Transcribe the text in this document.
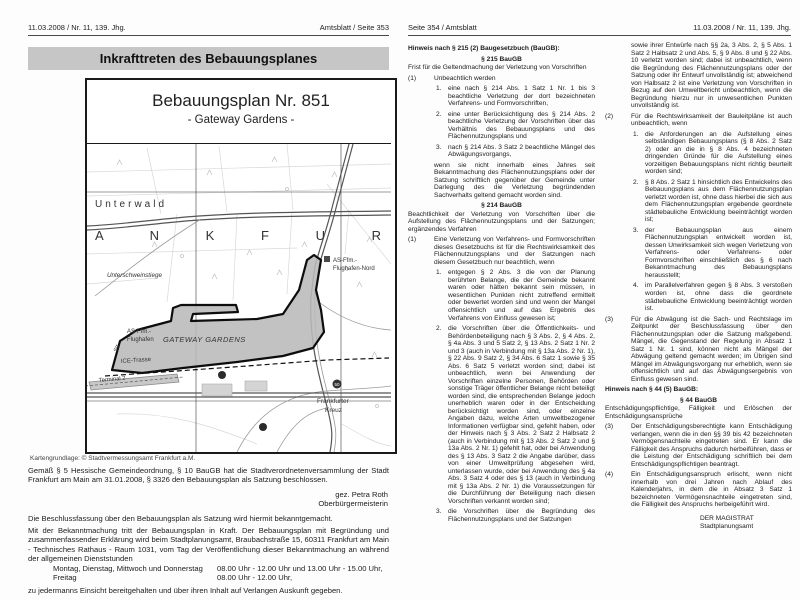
11.03.2008 / Nr. 11, 139. Jhg.	Amtsblatt / Seite 353
Inkrafttreten des Bebauungsplanes
Bebauungsplan Nr. 851
- Gateway Gardens -
50
Unterwald
A N K F U R
Unterschweinstiege
AS-Ffm.-
Flughafen-Nord
AS-Ffm.-
Flughafen GATEWAY GARDENS
ICE-Trasse
Terminal 2
Frankfurter
Kreuz
Str.
Kartengrundlage: © Stadtvermessungsamt Frankfurt a.M.

Gemäß § 5 Hessische Gemeindeordnung, § 10 BauGB hat die Stadtverordnetenversammlung der Stadt Frankfurt am Main am 31.01.2008, § 3326 den Bebauungsplan als Satzung beschlossen.

gez. Petra Roth
Oberbürgermeisterin

Die Beschlussfassung über den Bebauungsplan als Satzung wird hiermit bekanntgemacht.

Mit der Bekanntmachung tritt der Bebauungsplan in Kraft. Der Bebauungsplan mit Begründung und zusammenfassender Erklärung wird beim Stadtplanungsamt, Braubachstraße 15, 60311 Frankfurt am Main - Technisches Rathaus - Raum 1031, vom Tag der Veröffentlichung dieser Bekanntmachung an während der allgemeinen Dienststunden

Montag, Dienstag, Mittwoch und Donnerstag	08.00 Uhr - 12.00 Uhr und 13.00 Uhr - 15.00 Uhr,
Freitag	08.00 Uhr - 12.00 Uhr,

zu jedermanns Einsicht bereitgehalten und über ihren Inhalt auf Verlangen Auskunft gegeben.

Seite 354 / Amtsblatt	11.03.2008 / Nr. 11, 139. Jhg.
Hinweis nach § 215 (2) Baugesetzbuch (BauGB):
§ 215 BauGB
Frist für die Geltendmachung der Verletzung von Vorschriften
(1)	Unbeachtlich werden
1. eine nach § 214 Abs. 1 Satz 1 Nr. 1 bis 3 beachtliche Verletzung der dort bezeichneten Verfahrens- und Formvorschriften,
2. eine unter Berücksichtigung des § 214 Abs. 2 beachtliche Verletzung der Vorschriften über das Verhältnis des Bebauungsplans und des Flächennutzungsplans und
3. nach § 214 Abs. 3 Satz 2 beachtliche Mängel des Abwägungsvorgangs,
wenn sie nicht innerhalb eines Jahres seit Bekanntmachung des Flächennutzungsplans oder der Satzung schriftlich gegenüber der Gemeinde unter Darlegung des die Verletzung begründenden Sachverhalts geltend gemacht worden sind.
§ 214 BauGB
Beachtlichkeit der Verletzung von Vorschriften über die Aufstellung des Flächennutzungsplans und der Satzungen; ergänzendes Verfahren
(1)	Eine Verletzung von Verfahrens- und Formvorschriften dieses Gesetzbuchs ist für die Rechtswirksamkeit des Flächennutzungsplans und der Satzungen nach diesem Gesetzbuch nur beachtlich, wenn
1. entgegen § 2 Abs. 3 die von der Planung berührten Belange, die der Gemeinde bekannt waren oder hätten bekannt sein müssen, in wesentlichen Punkten nicht zutreffend ermittelt oder bewertet worden sind und wenn der Mangel offensichtlich und auf das Ergebnis des Verfahrens von Einfluss gewesen ist;
2. die Vorschriften über die Öffentlichkeits- und Behördenbeteiligung nach § 3 Abs. 2, § 4 Abs. 2, § 4a Abs. 3 und 5 Satz 2, § 13 Abs. 2 Satz 1 Nr. 2 und 3 (auch in Verbindung mit § 13a Abs. 2 Nr. 1), § 22 Abs. 9 Satz 2, § 34 Abs. 6 Satz 1 sowie § 35 Abs. 6 Satz 5 verletzt worden sind; dabei ist unbeachtlich, wenn bei Anwendung der Vorschriften einzelne Personen, Behörden oder sonstige Träger öffentlicher Belange nicht beteiligt worden sind, die entsprechenden Belange jedoch unerheblich waren oder in der Entscheidung berücksichtigt worden sind, oder einzelne Angaben dazu, welche Arten umweltbezogener Informationen verfügbar sind, gefehlt haben, oder der Hinweis nach § 3 Abs. 2 Satz 2 Halbsatz 2 (auch in Verbindung mit § 13 Abs. 2 Satz 2 und § 13a Abs. 2 Nr. 1) gefehlt hat, oder bei Anwendung des § 13 Abs. 3 Satz 2 die Angabe darüber, dass von einer Umweltprüfung abgesehen wird, unterlassen wurde, oder bei Anwendung des § 4a Abs. 3 Satz 4 oder des § 13 (auch in Verbindung mit § 13a Abs. 2 Nr. 1) die Voraussetzungen für die Durchführung der Beteiligung nach diesen Vorschriften verkannt worden sind;
3. die Vorschriften über die Begründung des Flächennutzungsplans und der Satzungen
sowie ihrer Entwürfe nach §§ 2a, 3 Abs. 2, § 5 Abs. 1 Satz 2 Halbsatz 2 und Abs. 5, § 9 Abs. 8 und § 22 Abs. 10 verletzt worden sind; dabei ist unbeachtlich, wenn die Begründung des Flächennutzungsplans oder der Satzung oder ihr Entwurf unvollständig ist; abweichend von Halbsatz 2 ist eine Verletzung von Vorschriften in Bezug auf den Umweltbericht unbeachtlich, wenn die Begründung hierzu nur in unwesentlichen Punkten unvollständig ist.
(2)	Für die Rechtswirksamkeit der Bauleitpläne ist auch unbeachtlich, wenn
1. die Anforderungen an die Aufstellung eines selbständigen Bebauungsplans (§ 8 Abs. 2 Satz 2) oder an die in § 8 Abs. 4 bezeichneten dringenden Gründe für die Aufstellung eines vorzeitigen Bebauungsplans nicht richtig beurteilt worden sind;
2. § 8 Abs. 2 Satz 1 hinsichtlich des Entwickelns des Bebauungsplans aus dem Flächennutzungsplan verletzt worden ist, ohne dass hierbei die sich aus dem Flächennutzungsplan ergebende geordnete städtebauliche Entwicklung beeinträchtigt worden ist;
3. der Bebauungsplan aus einem Flächennutzungsplan entwickelt worden ist, dessen Unwirksamkeit sich wegen Verletzung von Verfahrens- oder Verfahrens- oder Formvorschriften einschließlich des § 6 nach Bekanntmachung des Bebauungsplans herausstellt;
4. im Parallelverfahren gegen § 8 Abs. 3 verstoßen worden ist, ohne dass die geordnete städtebauliche Entwicklung beeinträchtigt worden ist.
(3)	Für die Abwägung ist die Sach- und Rechtslage im Zeitpunkt der Beschlussfassung über den Flächennutzungsplan oder die Satzung maßgebend. Mängel, die Gegenstand der Regelung in Absatz 1 Satz 1 Nr. 1 sind, können nicht als Mängel der Abwägung geltend gemacht werden; im Übrigen sind Mängel im Abwägungsvorgang nur erheblich, wenn sie offensichtlich und auf das Abwägungsergebnis von Einfluss gewesen sind.
Hinweis nach § 44 (5) BauGB:
§ 44 BauGB
Entschädigungspflichtige, Fälligkeit und Erlöschen der Entschädigungsansprüche
(3)	Der Entschädigungsberechtigte kann Entschädigung verlangen, wenn die in den §§ 39 bis 42 bezeichneten Vermögensnachteile eingetreten sind. Er kann die Fälligkeit des Anspruchs dadurch herbeiführen, dass er die Leistung der Entschädigung schriftlich bei dem Entschädigungspflichtigen beantragt.
(4)	Ein Entschädigungsanspruch erlischt, wenn nicht innerhalb von drei Jahren nach Ablauf des Kalenderjahrs, in dem die in Absatz 3 Satz 1 bezeichneten Vermögensnachteile eingetreten sind, die Fälligkeit des Anspruchs herbeigeführt wird.
DER MAGISTRAT
Stadtplanungsamt
